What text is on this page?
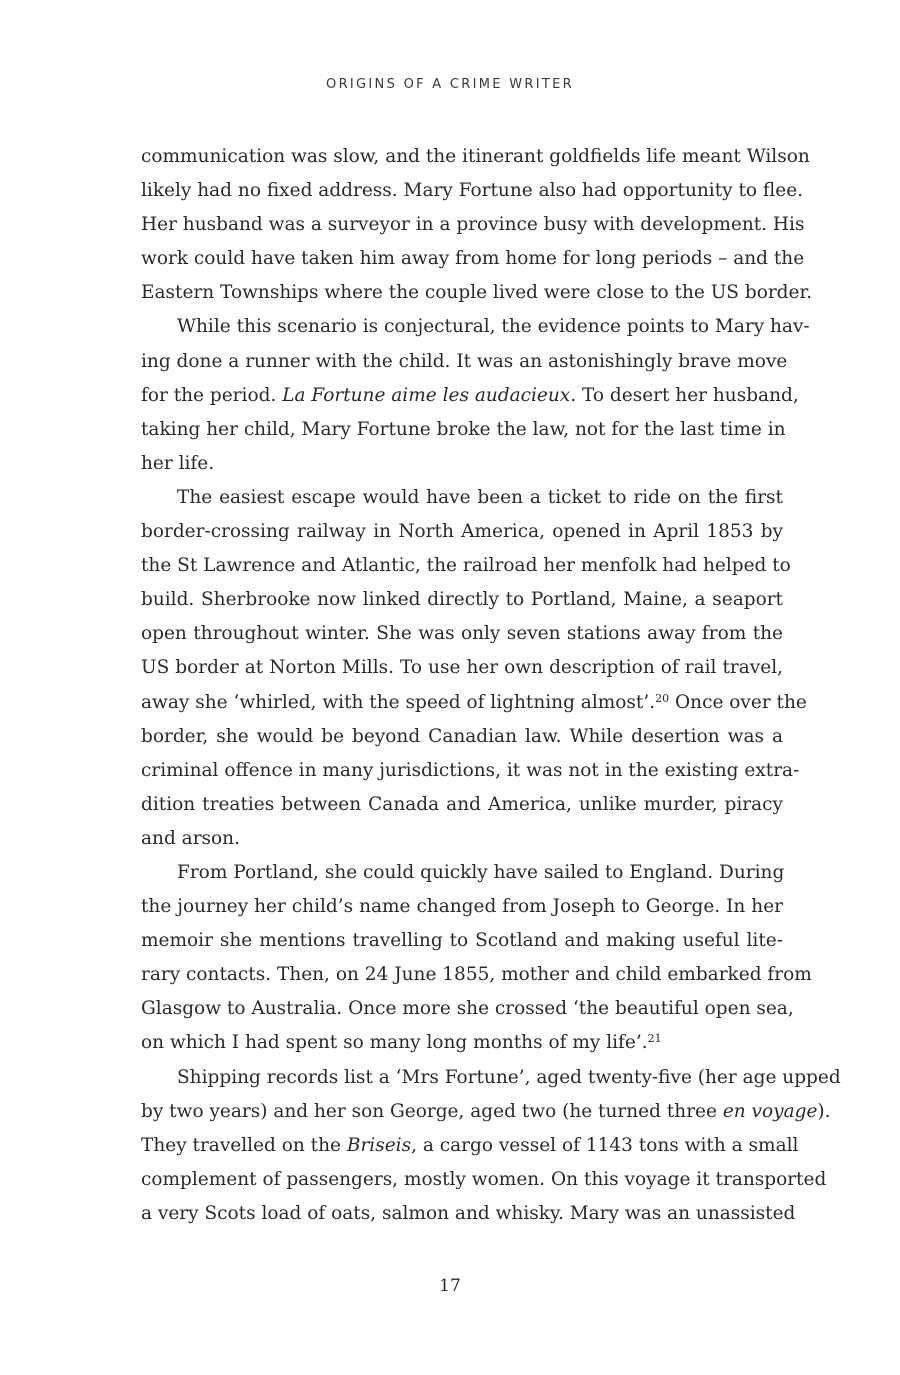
ORIGINS OF A CRIME WRITER
communication was slow, and the itinerant goldfields life meant Wilson
likely had no fixed address. Mary Fortune also had opportunity to flee.
Her husband was a surveyor in a province busy with development. His
work could have taken him away from home for long periods – and the
Eastern Townships where the couple lived were close to the US border.
While this scenario is conjectural, the evidence points to Mary hav-
ing done a runner with the child. It was an astonishingly brave move
for the period. La Fortune aime les audacieux. To desert her husband,
taking her child, Mary Fortune broke the law, not for the last time in
her life.
The easiest escape would have been a ticket to ride on the first
border-crossing railway in North America, opened in April 1853 by
the St Lawrence and Atlantic, the railroad her menfolk had helped to
build. Sherbrooke now linked directly to Portland, Maine, a seaport
open throughout winter. She was only seven stations away from the
US border at Norton Mills. To use her own description of rail travel,
away she ‘whirled, with the speed of lightning almost’.$^{20}$ Once over the
border, she would be beyond Canadian law. While desertion was a
criminal offence in many jurisdictions, it was not in the existing extra-
dition treaties between Canada and America, unlike murder, piracy
and arson.
From Portland, she could quickly have sailed to England. During
the journey her child’s name changed from Joseph to George. In her
memoir she mentions travelling to Scotland and making useful lite-
rary contacts. Then, on 24 June 1855, mother and child embarked from
Glasgow to Australia. Once more she crossed ‘the beautiful open sea,
on which I had spent so many long months of my life’.$^{21}$
Shipping records list a ‘Mrs Fortune’, aged twenty-five (her age upped
by two years) and her son George, aged two (he turned three en voyage).
They travelled on the Briseis, a cargo vessel of 1143 tons with a small
complement of passengers, mostly women. On this voyage it transported
a very Scots load of oats, salmon and whisky. Mary was an unassisted
17
